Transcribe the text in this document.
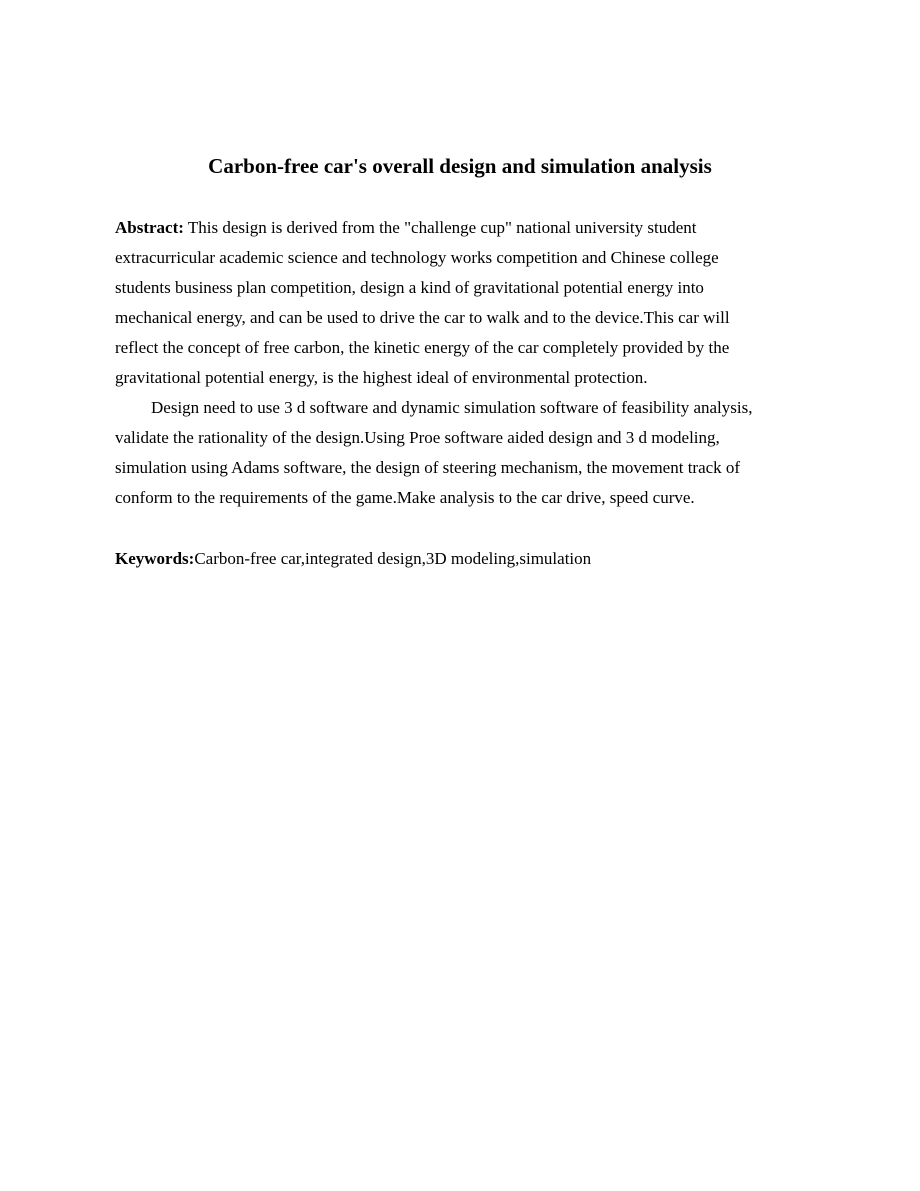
Carbon-free car's overall design and simulation analysis
Abstract: This design is derived from the "challenge cup" national university student
extracurricular academic science and technology works competition and Chinese college
students business plan competition, design a kind of gravitational potential energy into
mechanical energy, and can be used to drive the car to walk and to the device.This car will
reflect the concept of free carbon, the kinetic energy of the car completely provided by the
gravitational potential energy, is the highest ideal of environmental protection.
Design need to use 3 d software and dynamic simulation software of feasibility analysis,
validate the rationality of the design.Using Proe software aided design and 3 d modeling,
simulation using Adams software, the design of steering mechanism, the movement track of
conform to the requirements of the game.Make analysis to the car drive, speed curve.
Keywords:Carbon-free car,integrated design,3D modeling,simulation
